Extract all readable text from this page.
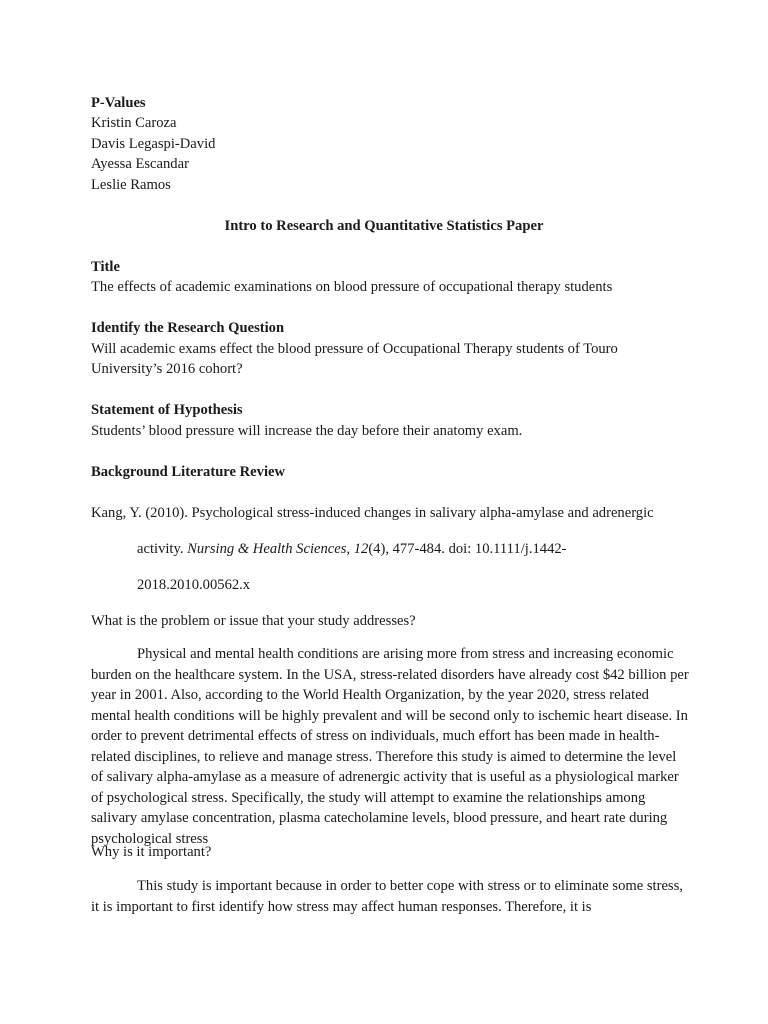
P-Values
Kristin Caroza
Davis Legaspi-David
Ayessa Escandar
Leslie Ramos
Intro to Research and Quantitative Statistics Paper
Title
The effects of academic examinations on blood pressure of occupational therapy students
Identify the Research Question
Will academic exams effect the blood pressure of Occupational Therapy students of Touro
University’s 2016 cohort?
Statement of Hypothesis
Students’ blood pressure will increase the day before their anatomy exam.
Background Literature Review
Kang, Y. (2010). Psychological stress-induced changes in salivary alpha-amylase and adrenergic
activity. Nursing & Health Sciences, 12(4), 477-484. doi: 10.1111/j.1442-
2018.2010.00562.x
What is the problem or issue that your study addresses?
Physical and mental health conditions are arising more from stress and increasing economic burden on the healthcare system. In the USA, stress-related disorders have already cost $42 billion per year in 2001. Also, according to the World Health Organization, by the year 2020, stress related mental health conditions will be highly prevalent and will be second only to ischemic heart disease. In order to prevent detrimental effects of stress on individuals, much effort has been made in health-related disciplines, to relieve and manage stress. Therefore this study is aimed to determine the level of salivary alpha-amylase as a measure of adrenergic activity that is useful as a physiological marker of psychological stress. Specifically, the study will attempt to examine the relationships among salivary amylase concentration, plasma catecholamine levels, blood pressure, and heart rate during psychological stress
Why is it important?
This study is important because in order to better cope with stress or to eliminate some stress, it is important to first identify how stress may affect human responses. Therefore, it is
